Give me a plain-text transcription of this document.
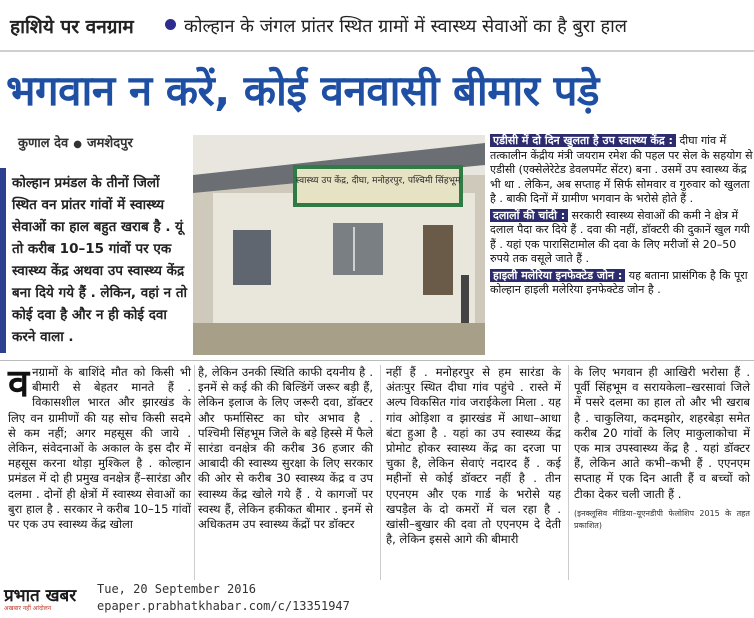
हाशिये पर वनग्राम	कोल्हान के जंगल प्रांतर स्थित ग्रामों में स्वास्थ्य सेवाओं का है बुरा हाल
भगवान न करें, कोई वनवासी बीमार पड़े
कुणाल देव ● जमशेदपुर
कोल्हान प्रमंडल के तीनों जिलों स्थित वन प्रांतर गांवों में स्वास्थ्य सेवाओं का हाल बहुत खराब है . यूं तो करीब 10–15 गांवों पर एक स्वास्थ्य केंद्र अथवा उप स्वास्थ्य केंद्र बना दिये गये हैं . लेकिन, वहां न तो कोई दवा है और न ही कोई दवा करने वाला .
स्वास्थ्य उप केंद्र, दीघा, मनोहरपुर, पश्चिमी सिंहभूम
एडीसी में दो दिन खुलता है उप स्वास्थ्य केंद्र : दीघा गांव में तत्कालीन केंद्रीय मंत्री जयराम रमेश की पहल पर सेल के सहयोग से एडीसी (एक्सेलेरेटेड डेवलपमेंट सेंटर) बना . उसमें उप स्वास्थ्य केंद्र भी था . लेकिन, अब सप्ताह में सिर्फ सोमवार व गुरुवार को खुलता है . बाकी दिनों में ग्रामीण भगवान के भरोसे होते हैं .
दलालों की चांदी : सरकारी स्वास्थ्य सेवाओं की कमी ने क्षेत्र में दलाल पैदा कर दिये हैं . दवा की नहीं, डॉक्टरी की दुकानें खुल गयी हैं . यहां एक पारासिटामोल की दवा के लिए मरीजों से 20–50 रुपये तक वसूले जाते हैं .
हाइली मलेरिया इनफेक्टेड जोन : यह बताना प्रासंगिक है कि पूरा कोल्हान हाइली मलेरिया इनफेक्टेड जोन है .
वनग्रामों के बाशिंदे मौत को किसी भी बीमारी से बेहतर मानते हैं . विकासशील भारत और झारखंड के लिए वन ग्रामीणों की यह सोच किसी सदमे से कम नहीं; अगर महसूस की जाये . लेकिन, संवेदनाओं के अकाल के इस दौर में महसूस करना थोड़ा मुश्किल है . कोल्हान प्रमंडल में दो ही प्रमुख वनक्षेत्र हैं–सारंडा और दलमा . दोनों ही क्षेत्रों में स्वास्थ्य सेवाओं का बुरा हाल है . सरकार ने करीब 10–15 गांवों पर एक उप स्वास्थ्य केंद्र खोला
है, लेकिन उनकी स्थिति काफी दयनीय है . इनमें से कई की की बिल्डिंगें जरूर बड़ी हैं, लेकिन इलाज के लिए जरूरी दवा, डॉक्टर और फर्मासिस्ट का घोर अभाव है . पश्चिमी सिंहभूम जिले के बड़े हिस्से में फैले सारंडा वनक्षेत्र की करीब 36 हजार की आबादी की स्वास्थ्य सुरक्षा के लिए सरकार की ओर से करीब 30 स्वास्थ्य केंद्र व उप स्वास्थ्य केंद्र खोले गये हैं . ये कागजों पर स्वस्थ हैं, लेकिन हकीकत बीमार . इनमें से अधिकतम उप स्वास्थ्य केंद्रों पर डॉक्टर
नहीं हैं . मनोहरपुर से हम सारंडा के अंतःपुर स्थित दीघा गांव पहुंचे . रास्ते में अल्प विकसित गांव जराईकेला मिला . यह गांव ओड़िशा व झारखंड में आधा–आधा बंटा हुआ है . यहां का उप स्वास्थ्य केंद्र प्रोमोट होकर स्वास्थ्य केंद्र का दरजा पा चुका है, लेकिन सेवाएं नदारद हैं . कई महीनों से कोई डॉक्टर नहीं है . तीन एएनएम और एक गार्ड के भरोसे यह खपड़ैल के दो कमरों में चल रहा है . खांसी–बुखार की दवा तो एएनएम दे देती है, लेकिन इससे आगे की बीमारी
के लिए भगवान ही आखिरी भरोसा हैं . पूर्वी सिंहभूम व सरायकेला–खरसावां जिले में पसरे दलमा का हाल तो और भी खराब है . चाकुलिया, कदमझोर, शहरबेड़ा समेत करीब 20 गांवों के लिए माकुलाकोचा में एक मात्र उपस्वास्थ्य केंद्र है . यहां डॉक्टर हैं, लेकिन आते कभी–कभी हैं . एएनएम सप्ताह में एक दिन आती हैं व बच्चों को टीका देकर चली जाती हैं .
(इनक्लूसिव मीडिया–यूएनडीपी फेलोशिप 2015 के तहत प्रकाशित)
प्रभात खबर
अखबार नहीं आंदोलन
Tue, 20 September 2016
epaper.prabhatkhabar.com/c/13351947
